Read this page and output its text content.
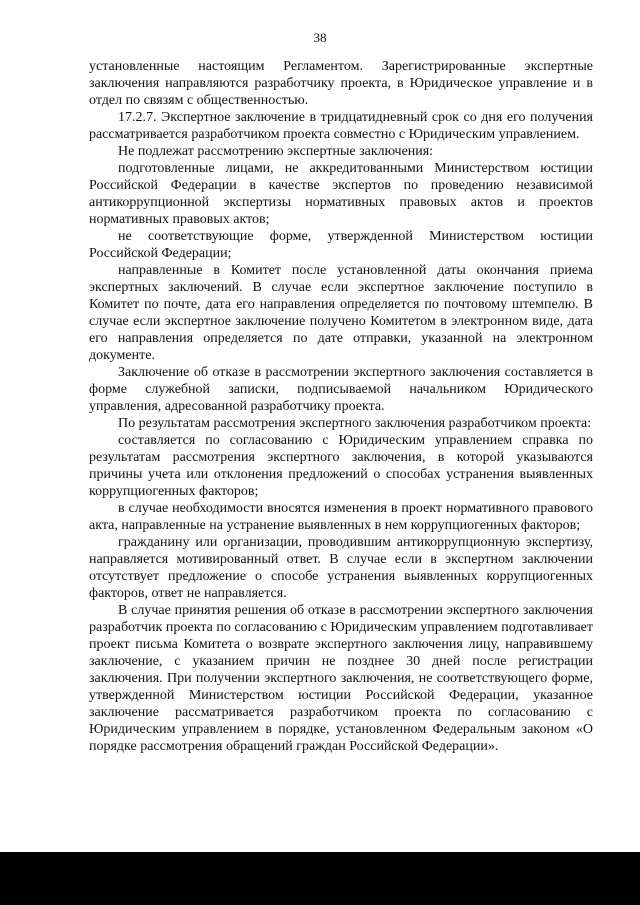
38

установленные настоящим Регламентом. Зарегистрированные экспертные заключения направляются разработчику проекта, в Юридическое управление и в отдел по связям с общественностью.

17.2.7. Экспертное заключение в тридцатидневный срок со дня его получения рассматривается разработчиком проекта совместно с Юридическим управлением.

Не подлежат рассмотрению экспертные заключения:

подготовленные лицами, не аккредитованными Министерством юстиции Российской Федерации в качестве экспертов по проведению независимой антикоррупционной экспертизы нормативных правовых актов и проектов нормативных правовых актов;

не соответствующие форме, утвержденной Министерством юстиции Российской Федерации;

направленные в Комитет после установленной даты окончания приема экспертных заключений. В случае если экспертное заключение поступило в Комитет по почте, дата его направления определяется по почтовому штемпелю. В случае если экспертное заключение получено Комитетом в электронном виде, дата его направления определяется по дате отправки, указанной на электронном документе.

Заключение об отказе в рассмотрении экспертного заключения составляется в форме служебной записки, подписываемой начальником Юридического управления, адресованной разработчику проекта.

По результатам рассмотрения экспертного заключения разработчиком проекта:

составляется по согласованию с Юридическим управлением справка по результатам рассмотрения экспертного заключения, в которой указываются причины учета или отклонения предложений о способах устранения выявленных коррупциогенных факторов;

в случае необходимости вносятся изменения в проект нормативного правового акта, направленные на устранение выявленных в нем коррупциогенных факторов;

гражданину или организации, проводившим антикоррупционную экспертизу, направляется мотивированный ответ. В случае если в экспертном заключении отсутствует предложение о способе устранения выявленных коррупциогенных факторов, ответ не направляется.

В случае принятия решения об отказе в рассмотрении экспертного заключения разработчик проекта по согласованию с Юридическим управлением подготавливает проект письма Комитета о возврате экспертного заключения лицу, направившему заключение, с указанием причин не позднее 30 дней после регистрации заключения. При получении экспертного заключения, не соответствующего форме, утвержденной Министерством юстиции Российской Федерации, указанное заключение рассматривается разработчиком проекта по согласованию с Юридическим управлением в порядке, установленном Федеральным законом «О порядке рассмотрения обращений граждан Российской Федерации».
